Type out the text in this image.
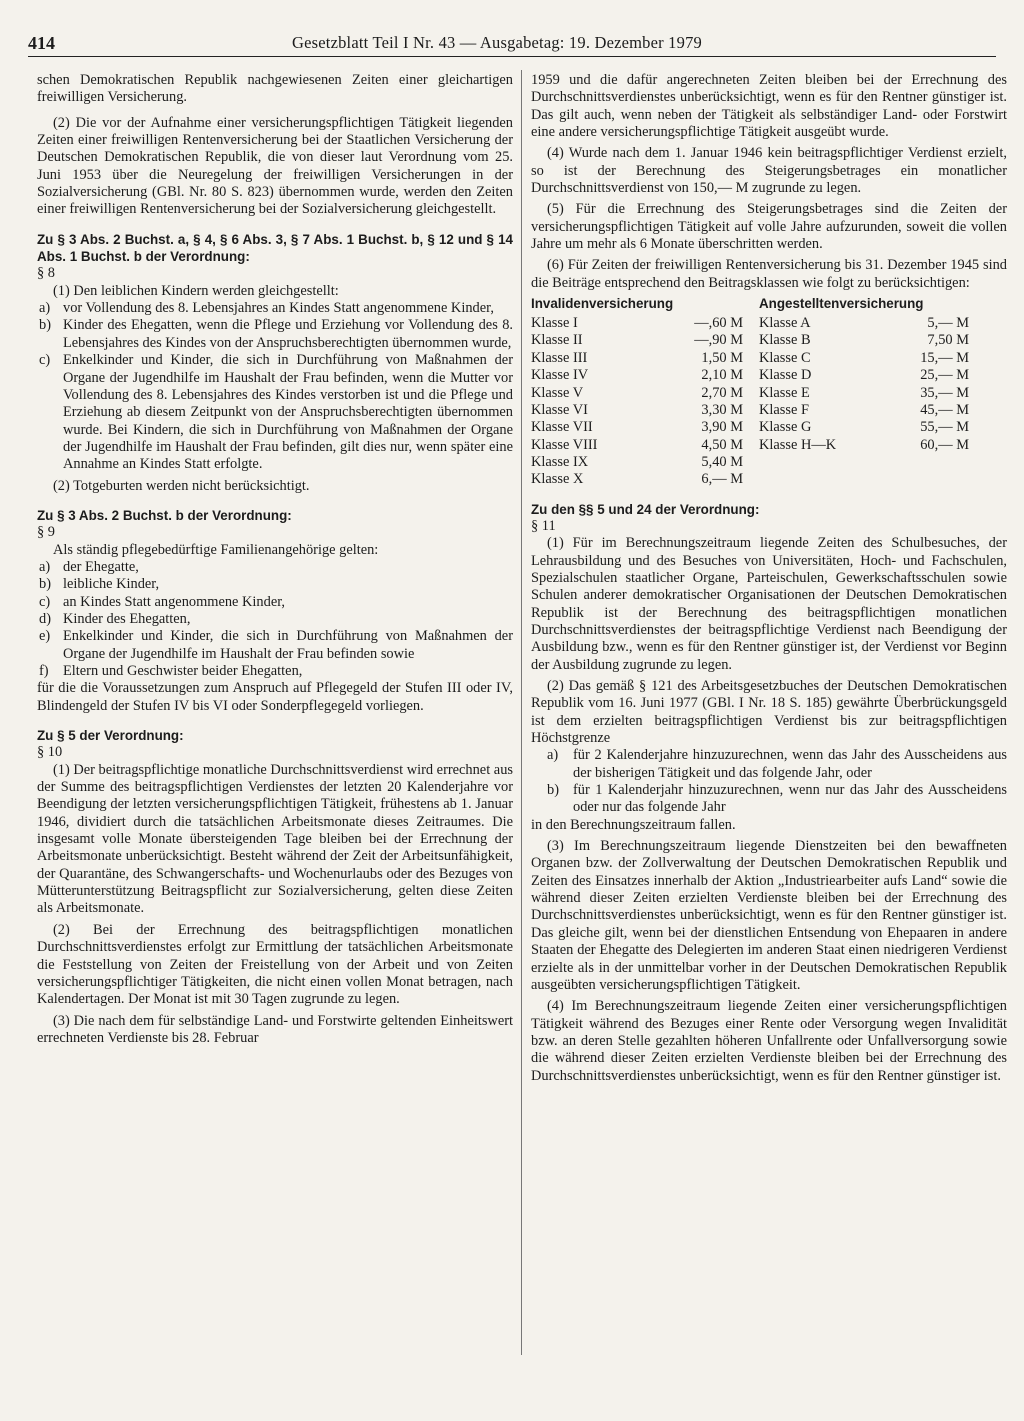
414	Gesetzblatt Teil I Nr. 43 — Ausgabetag: 19. Dezember 1979

schen Demokratischen Republik nachgewiesenen Zeiten einer gleichartigen freiwilligen Versicherung.

(2) Die vor der Aufnahme einer versicherungspflichtigen Tätigkeit liegenden Zeiten einer freiwilligen Rentenversicherung bei der Staatlichen Versicherung der Deutschen Demokratischen Republik, die von dieser laut Verordnung vom 25. Juni 1953 über die Neuregelung der freiwilligen Versicherungen in der Sozialversicherung (GBl. Nr. 80 S. 823) übernommen wurde, werden den Zeiten einer freiwilligen Rentenversicherung bei der Sozialversicherung gleichgestellt.

Zu § 3 Abs. 2 Buchst. a, § 4, § 6 Abs. 3, § 7 Abs. 1 Buchst. b, § 12 und § 14 Abs. 1 Buchst. b der Verordnung:

§ 8

(1) Den leiblichen Kindern werden gleichgestellt:

a) vor Vollendung des 8. Lebensjahres an Kindes Statt angenommene Kinder,
b) Kinder des Ehegatten, wenn die Pflege und Erziehung vor Vollendung des 8. Lebensjahres des Kindes von der Anspruchsberechtigten übernommen wurde,
c) Enkelkinder und Kinder, die sich in Durchführung von Maßnahmen der Organe der Jugendhilfe im Haushalt der Frau befinden, wenn die Mutter vor Vollendung des 8. Lebensjahres des Kindes verstorben ist und die Pflege und Erziehung ab diesem Zeitpunkt von der Anspruchsberechtigten übernommen wurde. Bei Kindern, die sich in Durchführung von Maßnahmen der Organe der Jugendhilfe im Haushalt der Frau befinden, gilt dies nur, wenn später eine Annahme an Kindes Statt erfolgte.

(2) Totgeburten werden nicht berücksichtigt.

Zu § 3 Abs. 2 Buchst. b der Verordnung:

§ 9

Als ständig pflegebedürftige Familienangehörige gelten:

a) der Ehegatte,
b) leibliche Kinder,
c) an Kindes Statt angenommene Kinder,
d) Kinder des Ehegatten,
e) Enkelkinder und Kinder, die sich in Durchführung von Maßnahmen der Organe der Jugendhilfe im Haushalt der Frau befinden sowie
f)	Eltern und Geschwister beider Ehegatten,

für die die Voraussetzungen zum Anspruch auf Pflegegeld der Stufen III oder IV, Blindengeld der Stufen IV bis VI oder Sonderpflegegeld vorliegen.

Zu § 5 der Verordnung:

§ 10

(1) Der beitragspflichtige monatliche Durchschnittsverdienst wird errechnet aus der Summe des beitragspflichtigen Verdienstes der letzten 20 Kalenderjahre vor Beendigung der letzten versicherungspflichtigen Tätigkeit, frühestens ab 1. Januar 1946, dividiert durch die tatsächlichen Arbeitsmonate dieses Zeitraumes. Die insgesamt volle Monate übersteigenden Tage bleiben bei der Errechnung der Arbeitsmonate unberücksichtigt. Besteht während der Zeit der Arbeitsunfähigkeit, der Quarantäne, des Schwangerschafts- und Wochenurlaubs oder des Bezuges von Mütterunterstützung Beitragspflicht zur Sozialversicherung, gelten diese Zeiten als Arbeitsmonate.

(2) Bei der Errechnung des beitragspflichtigen monatlichen Durchschnittsverdienstes erfolgt zur Ermittlung der tatsächlichen Arbeitsmonate die Feststellung von Zeiten der Freistellung von der Arbeit und von Zeiten versicherungspflichtiger Tätigkeiten, die nicht einen vollen Monat betragen, nach Kalendertagen. Der Monat ist mit 30 Tagen zugrunde zu legen.

(3) Die nach dem für selbständige Land- und Forstwirte geltenden Einheitswert errechneten Verdienste bis 28. Februar

1959 und die dafür angerechneten Zeiten bleiben bei der Errechnung des Durchschnittsverdienstes unberücksichtigt, wenn es für den Rentner günstiger ist. Das gilt auch, wenn neben der Tätigkeit als selbständiger Land- oder Forstwirt eine andere versicherungspflichtige Tätigkeit ausgeübt wurde.

(4) Wurde nach dem 1. Januar 1946 kein beitragspflichtiger Verdienst erzielt, so ist der Berechnung des Steigerungsbetrages ein monatlicher Durchschnittsverdienst von 150,— M zugrunde zu legen.

(5) Für die Errechnung des Steigerungsbetrages sind die Zeiten der versicherungspflichtigen Tätigkeit auf volle Jahre aufzurunden, soweit die vollen Jahre um mehr als 6 Monate überschritten werden.

(6) Für Zeiten der freiwilligen Rentenversicherung bis 31. Dezember 1945 sind die Beiträge entsprechend den Beitragsklassen wie folgt zu berücksichtigen:

Invalidenversicherung
Klasse I	—,60 M
Klasse II	—,90 M
Klasse III	1,50 M
Klasse IV	2,10 M
Klasse V	2,70 M
Klasse VI	3,30 M
Klasse VII	3,90 M
Klasse VIII	4,50 M
Klasse IX	5,40 M
Klasse X	6,— M
Angestelltenversicherung
Klasse A	5,— M
Klasse B	7,50 M
Klasse C	15,— M
Klasse D	25,— M
Klasse E	35,— M
Klasse F	45,— M
Klasse G	55,— M
Klasse H—K	60,— M

Zu den §§ 5 und 24 der Verordnung:

§ 11

(1) Für im Berechnungszeitraum liegende Zeiten des Schulbesuches, der Lehrausbildung und des Besuches von Universitäten, Hoch- und Fachschulen, Spezialschulen staatlicher Organe, Parteischulen, Gewerkschaftsschulen sowie Schulen anderer demokratischer Organisationen der Deutschen Demokratischen Republik ist der Berechnung des beitragspflichtigen monatlichen Durchschnittsverdienstes der beitragspflichtige Verdienst nach Beendigung der Ausbildung bzw., wenn es für den Rentner günstiger ist, der Verdienst vor Beginn der Ausbildung zugrunde zu legen.

(2) Das gemäß § 121 des Arbeitsgesetzbuches der Deutschen Demokratischen Republik vom 16. Juni 1977 (GBl. I Nr. 18 S. 185) gewährte Überbrückungsgeld ist dem erzielten beitragspflichtigen Verdienst bis zur beitragspflichtigen Höchstgrenze

a)	für 2 Kalenderjahre hinzuzurechnen, wenn das Jahr des Ausscheidens aus der bisherigen Tätigkeit und das folgende Jahr, oder
b) für 1 Kalenderjahr hinzuzurechnen, wenn nur das Jahr des Ausscheidens oder nur das folgende Jahr

in den Berechnungszeitraum fallen.

(3) Im Berechnungszeitraum liegende Dienstzeiten bei den bewaffneten Organen bzw. der Zollverwaltung der Deutschen Demokratischen Republik und Zeiten des Einsatzes innerhalb der Aktion „Industriearbeiter aufs Land“ sowie die während dieser Zeiten erzielten Verdienste bleiben bei der Errechnung des Durchschnittsverdienstes unberücksichtigt, wenn es für den Rentner günstiger ist. Das gleiche gilt, wenn bei der dienstlichen Entsendung von Ehepaaren in andere Staaten der Ehegatte des Delegierten im anderen Staat einen niedrigeren Verdienst erzielte als in der unmittelbar vorher in der Deutschen Demokratischen Republik ausgeübten versicherungspflichtigen Tätigkeit.

(4) Im Berechnungszeitraum liegende Zeiten einer versicherungspflichtigen Tätigkeit während des Bezuges einer Rente oder Versorgung wegen Invalidität bzw. an deren Stelle gezahlten höheren Unfallrente oder Unfallversorgung sowie die während dieser Zeiten erzielten Verdienste bleiben bei der Errechnung des Durchschnittsverdienstes unberücksichtigt, wenn es für den Rentner günstiger ist.
